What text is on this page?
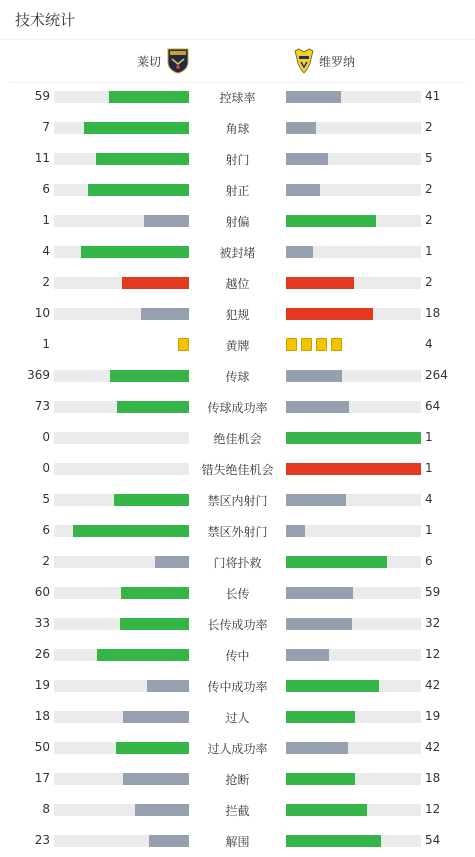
技术统计
莱切	维罗纳
59	控球率	41
7	角球	2
11	射门	5
6	射正	2
1	射偏	2
4	被封堵	1
2	越位	2
10	犯规	18
1	黄牌	4
369	传球	264
73	传球成功率	64
0	绝佳机会	1
0	错失绝佳机会	1
5	禁区内射门	4
6	禁区外射门	1
2	门将扑救	6
60	长传	59
33	长传成功率	32
26	传中	12
19	传中成功率	42
18	过人	19
50	过人成功率	42
17	抢断	18
8	拦截	12
23	解围	54
